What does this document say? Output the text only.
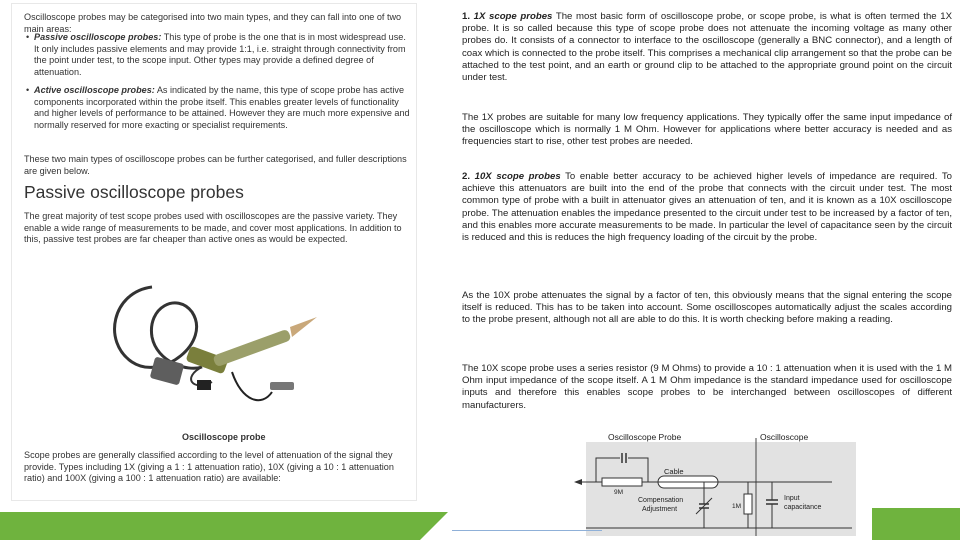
Oscilloscope probes may be categorised into two main types, and they can fall into one of two main areas:
• Passive oscilloscope probes: This type of probe is the one that is in most widespread use. It only includes passive elements and may provide 1:1, i.e. straight through connectivity from the point under test, to the scope input. Other types may provide a defined degree of attenuation.
• Active oscilloscope probes: As indicated by the name, this type of scope probe has active components incorporated within the probe itself. This enables greater levels of functionality and higher levels of performance to be attained. However they are much more expensive and normally reserved for more exacting or specialist requirements.
These two main types of oscilloscope probes can be further categorised, and fuller descriptions are given below.
Passive oscilloscope probes
The great majority of test scope probes used with oscilloscopes are the passive variety. They enable a wide range of measurements to be made, and cover most applications. In addition to this, passive test probes are far cheaper than active ones as would be expected.
Oscilloscope probe
Scope probes are generally classified according to the level of attenuation of the signal they provide. Types including 1X (giving a 1 : 1 attenuation ratio), 10X (giving a 10 : 1 attenuation ratio) and 100X (giving a 100 : 1 attenuation ratio) are available:
1. 1X scope probes The most basic form of oscilloscope probe, or scope probe, is what is often termed the 1X probe. It is so called because this type of scope probe does not attenuate the incoming voltage as many other probes do. It consists of a connector to interface to the oscilloscope (generally a BNC connector), and a length of coax which is connected to the probe itself. This comprises a mechanical clip arrangement so that the probe can be attached to the test point, and an earth or ground clip to be attached to the appropriate ground point on the circuit under test.
The 1X probes are suitable for many low frequency applications. They typically offer the same input impedance of the oscilloscope which is normally 1 M Ohm. However for applications where better accuracy is needed and as frequencies start to rise, other test probes are needed.
2. 10X scope probes To enable better accuracy to be achieved higher levels of impedance are required. To achieve this attenuators are built into the end of the probe that connects with the circuit under test. The most common type of probe with a built in attenuator gives an attenuation of ten, and it is known as a 10X oscilloscope probe. The attenuation enables the impedance presented to the circuit under test to be increased by a factor of ten, and this enables more accurate measurements to be made. In particular the level of capacitance seen by the circuit is reduced and this is reduces the high frequency loading of the circuit by the probe.
As the 10X probe attenuates the signal by a factor of ten, this obviously means that the signal entering the scope itself is reduced. This has to be taken into account. Some oscilloscopes automatically adjust the scales according to the probe present, although not all are able to do this. It is worth checking before making a reading.
The 10X scope probe uses a series resistor (9 M Ohms) to provide a 10 : 1 attenuation when it is used with the 1 M Ohm input impedance of the scope itself. A 1 M Ohm impedance is the standard impedance used for oscilloscope inputs and therefore this enables scope probes to be interchanged between oscilloscopes of different manufacturers.
Oscilloscope Probe	Oscilloscope
9M
Cable
Compensation
Adjustment	1M
Input
capacitance
